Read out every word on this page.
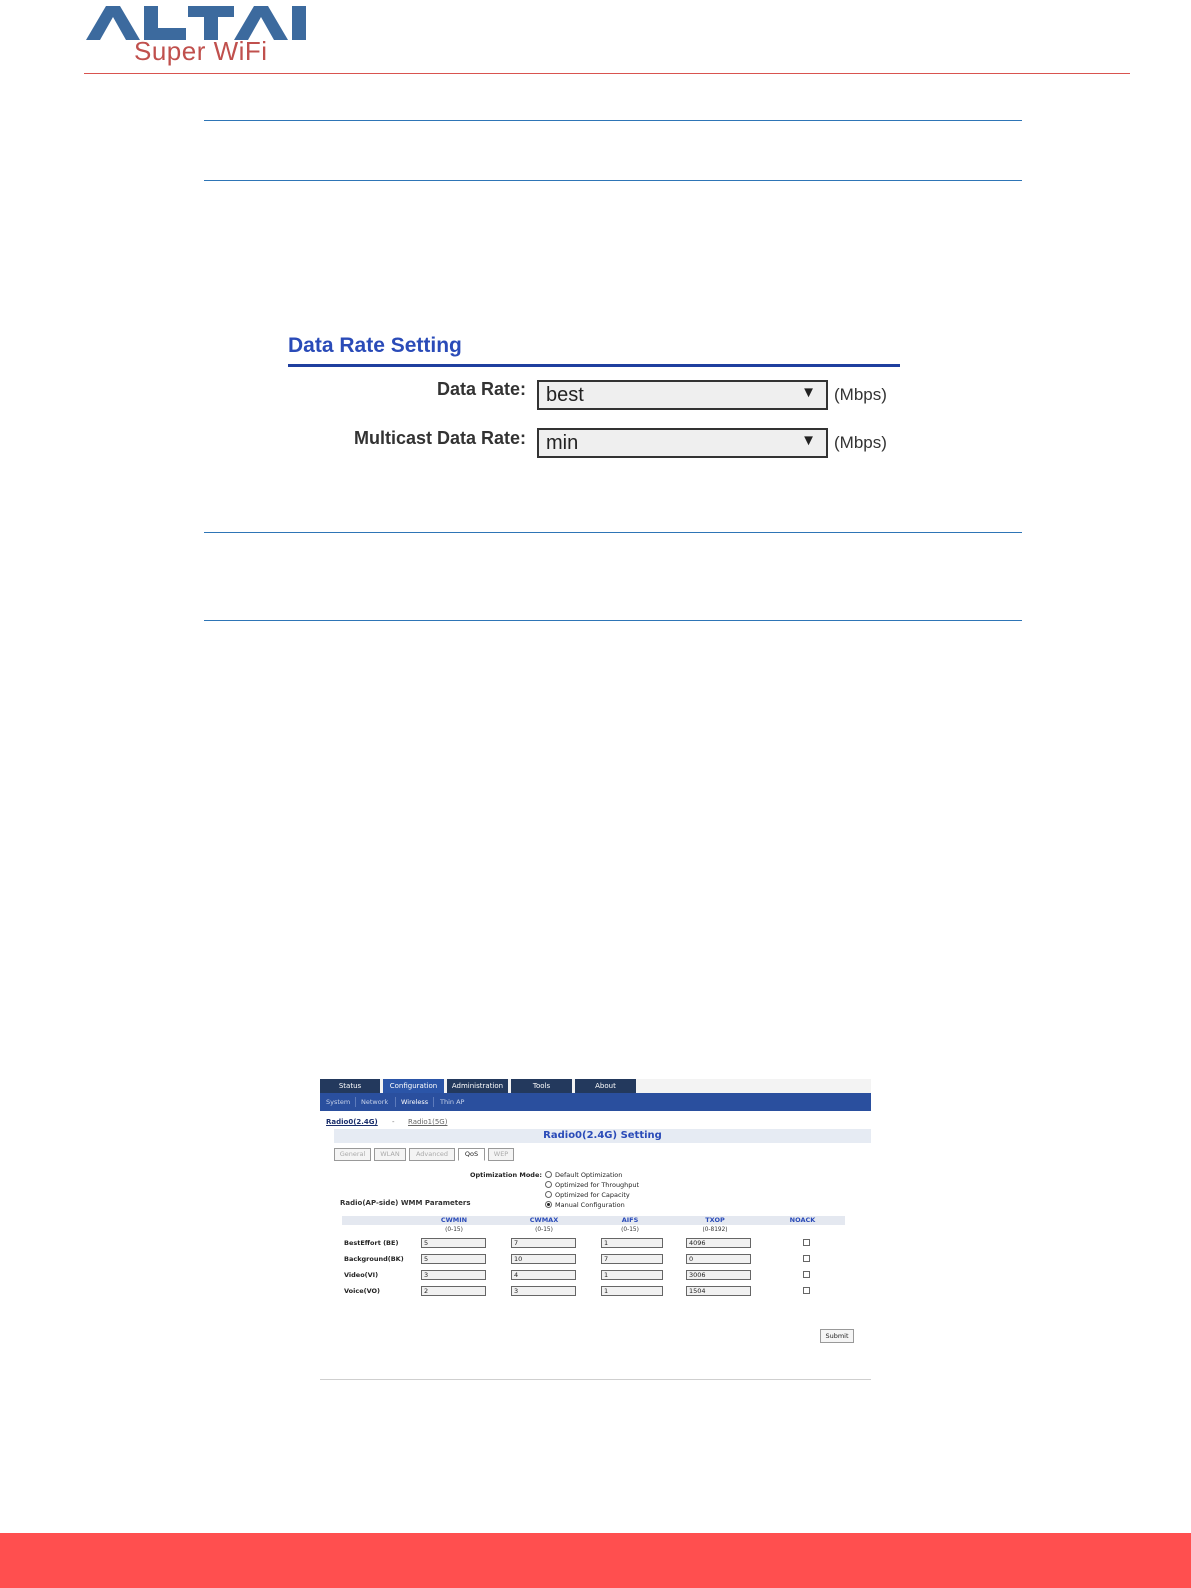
Super WiFi
Data Rate Setting
Data Rate: best	▼ (Mbps)
Multicast Data Rate: min	▼ (Mbps)
Status	Configuration	Administration	Tools	About
System Network Wireless Thin AP
Radio0(2.4G) - Radio1(5G)
Radio0(2.4G) Setting
General	WLAN	Advanced	QoS	WEP
Optimization Mode:	Default Optimization
Optimized for Throughput
Optimized for Capacity
Manual Configuration
Radio(AP-side) WMM Parameters
CWMIN	CWMAX	AIFS	TXOP	NOACK
(0-15)	(0-15)	(0-15)	(0-8192)
BestEffort (BE)	5	7	1	4096
Background(BK)	5	10	7	0
Video(VI)	3	4	1	3006
Voice(VO)	2	3	1	1504
Submit
